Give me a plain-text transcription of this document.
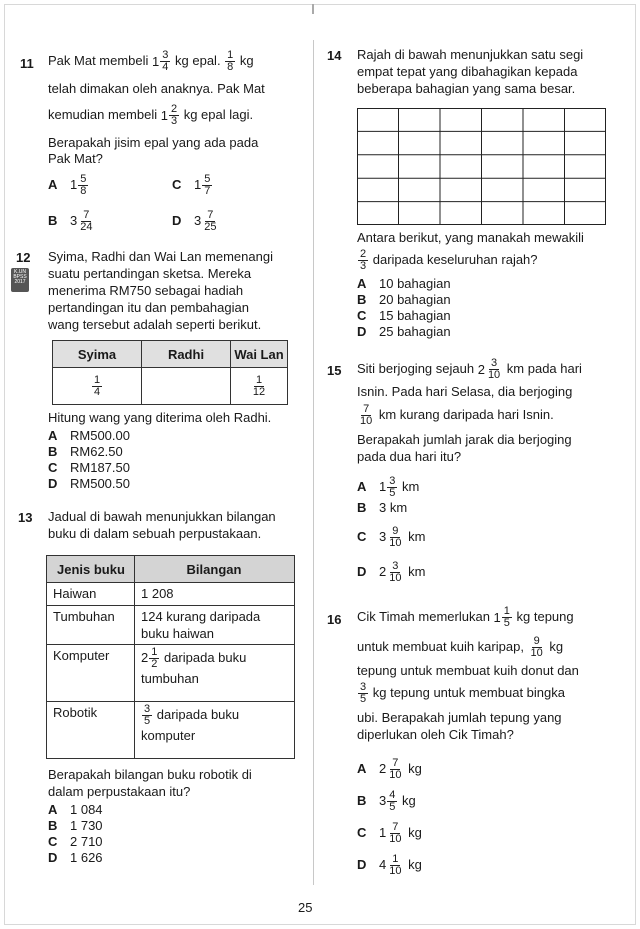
11 Pak Mat membeli $1 \frac{3}{4}$ kg epal. $\frac{1}{8}$ kg
telah dimakan oleh anaknya. Pak Mat
kemudian membeli $1 \frac{2}{3}$ kg epal lagi.
Berapakah jisim epal yang ada pada
Pak Mat?
A $1 \frac{5}{8}$
B $3 \frac{7}{24}$
C $1 \frac{5}{7}$
D $3 \frac{7}{25}$
12
K.UN BPSS 2017
Syima, Radhi dan Wai Lan memenangi
suatu pertandingan sketsa. Mereka
menerima RM750 sebagai hadiah
pertandingan itu dan pembahagian
wang tersebut adalah seperti berikut.
Syima	Radhi	Wai Lan

$\frac{1}{4}$		$\frac{1}{12}$
Hitung wang yang diterima oleh Radhi.
A RM500.00
B RM62.50
C RM187.50
D RM500.50
13 Jadual di bawah menunjukkan bilangan
buku di dalam sebuah perpustakaan.
Jenis buku	Bilangan
Haiwan	1 208
Tumbuhan	124 kurang daripada
buku haiwan

Komputer	$2 \frac{1}{2}$ daripada buku
tumbuhan

Robotik	$\frac{3}{5}$ daripada buku
komputer
Berapakah bilangan buku robotik di
dalam perpustakaan itu?
A 1 084
B 1 730
C 2 710
D 1 626
14 Rajah di bawah menunjukkan satu segi
empat tepat yang dibahagikan kepada
beberapa bahagian yang sama besar.
Antara berikut, yang manakah mewakili
$\frac{2}{3}$ daripada keseluruhan rajah?
A 10 bahagian
B 20 bahagian
C 15 bahagian
D 25 bahagian
15 Siti berjoging sejauh $2 \frac{3}{10}$ km pada hari
Isnin. Pada hari Selasa, dia berjoging
$\frac{7}{10}$ km kurang daripada hari Isnin.
Berapakah jumlah jarak dia berjoging
pada dua hari itu?
A $1 \frac{3}{5}$ km
B 3 km
C $3 \frac{9}{10}$ km
D $2 \frac{3}{10}$ km
16 Cik Timah memerlukan $1 \frac{1}{5}$ kg tepung
untuk membuat kuih karipap, $\frac{9}{10}$ kg
tepung untuk membuat kuih donut dan
$\frac{3}{5}$ kg tepung untuk membuat bingka
ubi. Berapakah jumlah tepung yang
diperlukan oleh Cik Timah?
A $2 \frac{7}{10}$ kg
B $3 \frac{4}{5}$ kg
C $1 \frac{7}{10}$ kg
D $4 \frac{1}{10}$ kg
25
